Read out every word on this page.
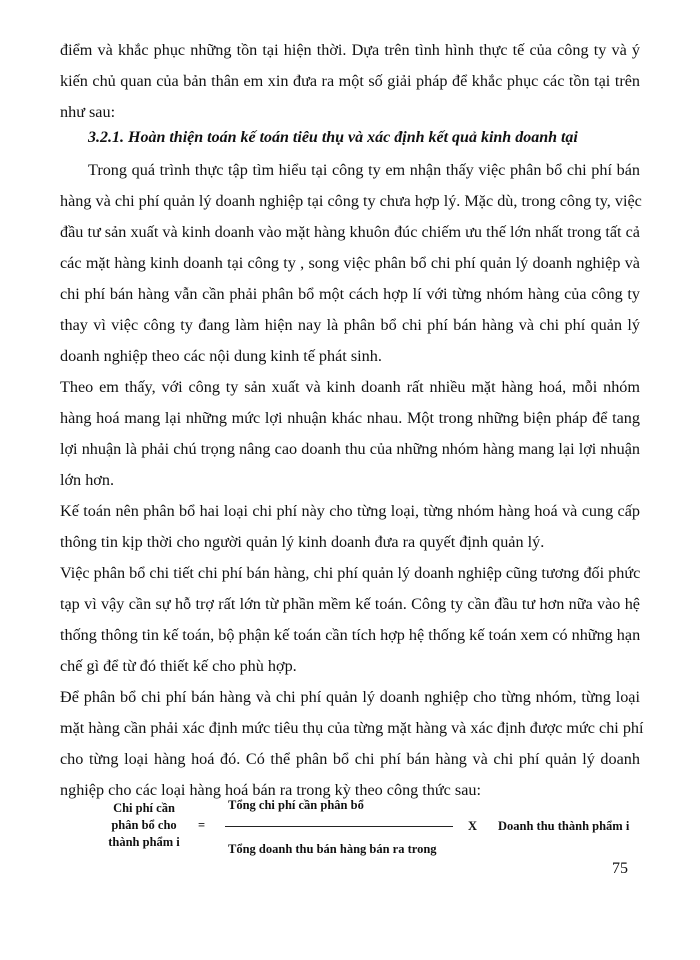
điểm và khắc phục những tồn tại hiện thời. Dựa trên tình hình thực tế của công ty và ý
kiến chủ quan của bản thân em xin đưa ra một số giải pháp để khắc phục các tồn tại trên
như sau:
3.2.1. Hoàn thiện toán kế toán tiêu thụ và xác định kết quả kinh doanh tại
Trong quá trình thực tập tìm hiểu tại công ty em nhận thấy việc phân bổ chi phí bán
hàng và chi phí quản lý doanh nghiệp tại công ty chưa hợp lý. Mặc dù, trong công ty, việc
đầu tư sản xuất và kinh doanh vào mặt hàng khuôn đúc chiếm ưu thế lớn nhất trong tất cả
các mặt hàng kinh doanh tại công ty , song việc phân bổ chi phí quản lý doanh nghiệp và
chi phí bán hàng vẫn cần phải phân bổ một cách hợp lí với từng nhóm hàng của công ty
thay vì việc công ty đang làm hiện nay là phân bổ chi phí bán hàng và chi phí quản lý
doanh nghiệp theo các nội dung kinh tế phát sinh.
Theo em thấy, với công ty sản xuất và kinh doanh rất nhiều mặt hàng hoá, mỗi nhóm
hàng hoá mang lại những mức lợi nhuận khác nhau. Một trong những biện pháp để tang
lợi nhuận là phải chú trọng nâng cao doanh thu của những nhóm hàng mang lại lợi nhuận
lớn hơn.
Kế toán nên phân bổ hai loại chi phí này cho từng loại, từng nhóm hàng hoá và cung cấp
thông tin kịp thời cho người quản lý kinh doanh đưa ra quyết định quản lý.
Việc phân bổ chi tiết chi phí bán hàng, chi phí quản lý doanh nghiệp cũng tương đối phức
tạp vì vậy cần sự hỗ trợ rất lớn từ phần mềm kế toán. Công ty cần đầu tư hơn nữa vào hệ
thống thông tin kế toán, bộ phận kế toán cần tích hợp hệ thống kế toán xem có những hạn
chế gì để từ đó thiết kế cho phù hợp.
Để phân bổ chi phí bán hàng và chi phí quản lý doanh nghiệp cho từng nhóm, từng loại
mặt hàng cần phải xác định mức tiêu thụ của từng mặt hàng và xác định được mức chi phí
cho từng loại hàng hoá đó. Có thể phân bổ chi phí bán hàng và chi phí quản lý doanh
nghiệp cho các loại hàng hoá bán ra trong kỳ theo công thức sau:
Chi phí cần
phân bổ cho
thành phẩm i
=
Tổng chi phí cần phân bổ
Tổng doanh thu bán hàng bán ra trong
X Doanh thu thành phẩm i
75
